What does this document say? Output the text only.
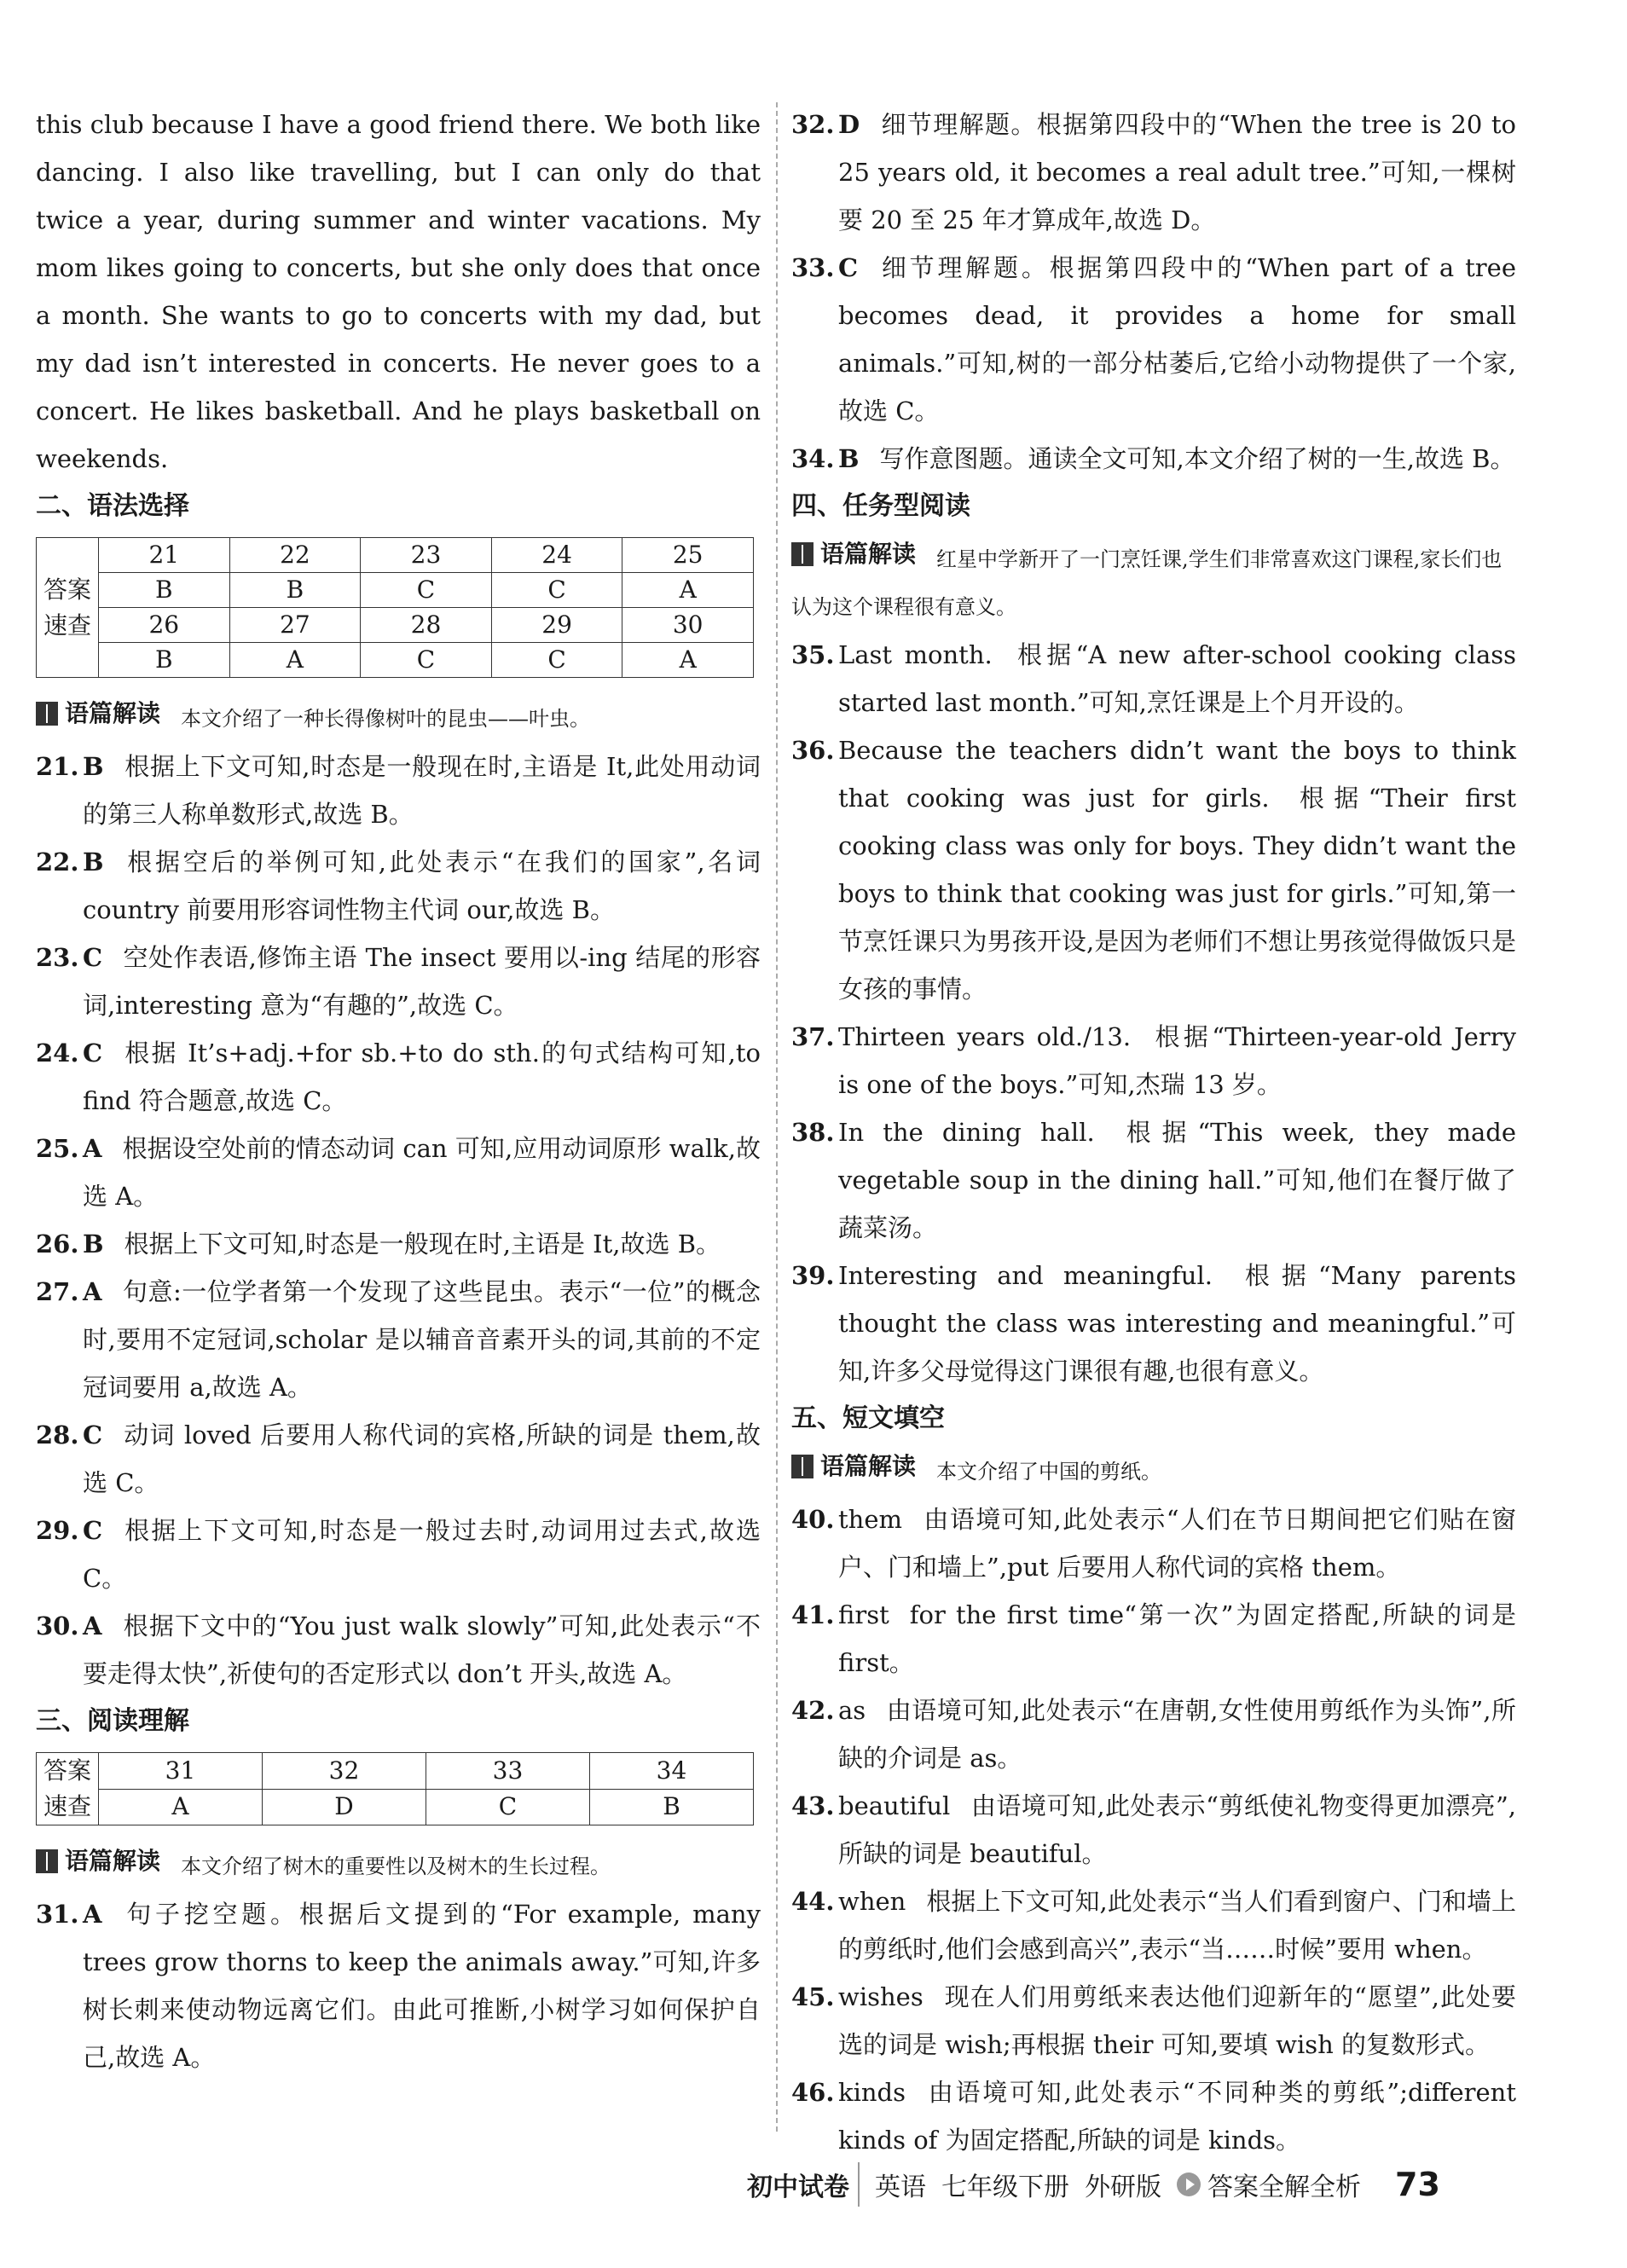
this club because I have a good friend there. We both like dancing. I also like travelling, but I can only do that twice a year, during summer and winter vacations. My mom likes going to concerts, but she only does that once a month. She wants to go to concerts with my dad, but my dad isn’t interested in concerts. He never goes to a concert. He likes basketball. And he plays basketball on weekends.

二、语法选择

答案速查	21	22	23	24	25
	B	B	C	C	A
	26	27	28	29	30
	B	A	C	C	A

语篇解读 本文介绍了一种长得像树叶的昆虫——叶虫。

21. B 根据上下文可知,时态是一般现在时,主语是 It,此处用动词的第三人称单数形式,故选 B。

22. B 根据空后的举例可知,此处表示“在我们的国家”,名词 country 前要用形容词性物主代词 our,故选 B。

23. C 空处作表语,修饰主语 The insect 要用以-ing 结尾的形容词,interesting 意为“有趣的”,故选 C。

24. C 根据 It’s+adj.+for sb.+to do sth.的句式结构可知,to find 符合题意,故选 C。

25. A 根据设空处前的情态动词 can 可知,应用动词原形 walk,故选 A。

26. B 根据上下文可知,时态是一般现在时,主语是 It,故选 B。

27. A 句意:一位学者第一个发现了这些昆虫。表示“一位”的概念时,要用不定冠词,scholar 是以辅音音素开头的词,其前的不定冠词要用 a,故选 A。

28. C 动词 loved 后要用人称代词的宾格,所缺的词是 them,故选 C。

29. C 根据上下文可知,时态是一般过去时,动词用过去式,故选 C。

30. A 根据下文中的“You just walk slowly”可知,此处表示“不要走得太快”,祈使句的否定形式以 don’t 开头,故选 A。

三、阅读理解

答案速查	31	32	33	34
	A	D	C	B

语篇解读 本文介绍了树木的重要性以及树木的生长过程。

31. A 句子挖空题。根据后文提到的“For example, many trees grow thorns to keep the animals away.”可知,许多树长刺来使动物远离它们。由此可推断,小树学习如何保护自己,故选 A。

32. D 细节理解题。根据第四段中的“When the tree is 20 to 25 years old, it becomes a real adult tree.”可知,一棵树要 20 至 25 年才算成年,故选 D。

33. C 细节理解题。根据第四段中的“When part of a tree becomes dead, it provides a home for small animals.”可知,树的一部分枯萎后,它给小动物提供了一个家,故选 C。

34. B 写作意图题。通读全文可知,本文介绍了树的一生,故选 B。

四、任务型阅读

语篇解读 红星中学新开了一门烹饪课,学生们非常喜欢这门课程,家长们也认为这个课程很有意义。

35. Last month. 根据“A new after-school cooking class started last month.”可知,烹饪课是上个月开设的。

36. Because the teachers didn’t want the boys to think that cooking was just for girls. 根据“Their first cooking class was only for boys. They didn’t want the boys to think that cooking was just for girls.”可知,第一节烹饪课只为男孩开设,是因为老师们不想让男孩觉得做饭只是女孩的事情。

37. Thirteen years old./13. 根据“Thirteen-year-old Jerry is one of the boys.”可知,杰瑞 13 岁。

38. In the dining hall. 根据“This week, they made vegetable soup in the dining hall.”可知,他们在餐厅做了蔬菜汤。

39. Interesting and meaningful. 根据“Many parents thought the class was interesting and meaningful.”可知,许多父母觉得这门课很有趣,也很有意义。

五、短文填空

语篇解读 本文介绍了中国的剪纸。

40. them 由语境可知,此处表示“人们在节日期间把它们贴在窗户、门和墙上”,put 后要用人称代词的宾格 them。

41. first for the first time“第一次”为固定搭配,所缺的词是 first。

42. as 由语境可知,此处表示“在唐朝,女性使用剪纸作为头饰”,所缺的介词是 as。

43. beautiful 由语境可知,此处表示“剪纸使礼物变得更加漂亮”,所缺的词是 beautiful。

44. when 根据上下文可知,此处表示“当人们看到窗户、门和墙上的剪纸时,他们会感到高兴”,表示“当……时候”要用 when。

45. wishes 现在人们用剪纸来表达他们迎新年的“愿望”,此处要选的词是 wish;再根据 their 可知,要填 wish 的复数形式。

46. kinds 由语境可知,此处表示“不同种类的剪纸”;different kinds of 为固定搭配,所缺的词是 kinds。

初中试卷	英语 七年级下册 外研版 答案全解全析 73
